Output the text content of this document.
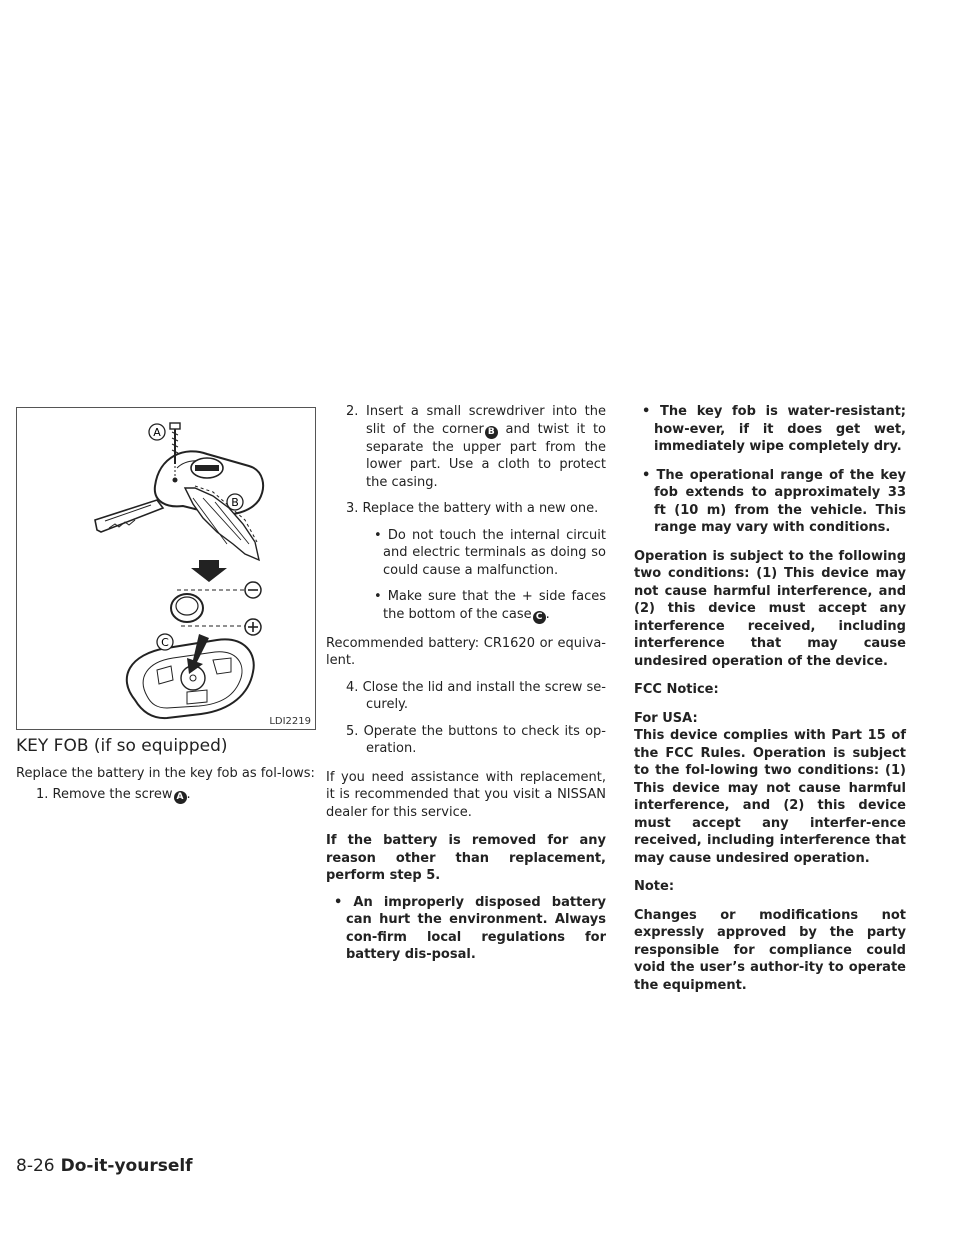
A
B
C
LDI2219
KEY FOB (if so equipped)

Replace the battery in the key fob as fol-lows:

1. Remove the screw A .

2. Insert a small screwdriver into the slit of the corner B and twist it to separate the upper part from the lower part. Use a cloth to protect the casing.

3. Replace the battery with a new one.

• Do not touch the internal circuit and electric terminals as doing so could cause a malfunction.

• Make sure that the + side faces the bottom of the case C .

Recommended battery: CR1620 or equiva-lent.

4. Close the lid and install the screw se-curely.

5. Operate the buttons to check its op-eration.

If you need assistance with replacement, it is recommended that you visit a NISSAN dealer for this service.

If the battery is removed for any reason other than replacement, perform step 5.

• An improperly disposed battery can hurt the environment. Always con-firm local regulations for battery dis-posal.

• The key fob is water-resistant; how-ever, if it does get wet, immediately wipe completely dry.

• The operational range of the key fob extends to approximately 33 ft (10 m) from the vehicle. This range may vary with conditions.

Operation is subject to the following two conditions: (1) This device may not cause harmful interference, and (2) this device must accept any interference received, including interference that may cause undesired operation of the device.

FCC Notice:

For USA:

This device complies with Part 15 of the FCC Rules. Operation is subject to the fol-lowing two conditions: (1) This device may not cause harmful interference, and (2) this device must accept any interfer-ence received, including interference that may cause undesired operation.

Note:

Changes or modifications not expressly approved by the party responsible for compliance could void the user’s author-ity to operate the equipment.

8-26 Do-it-yourself
